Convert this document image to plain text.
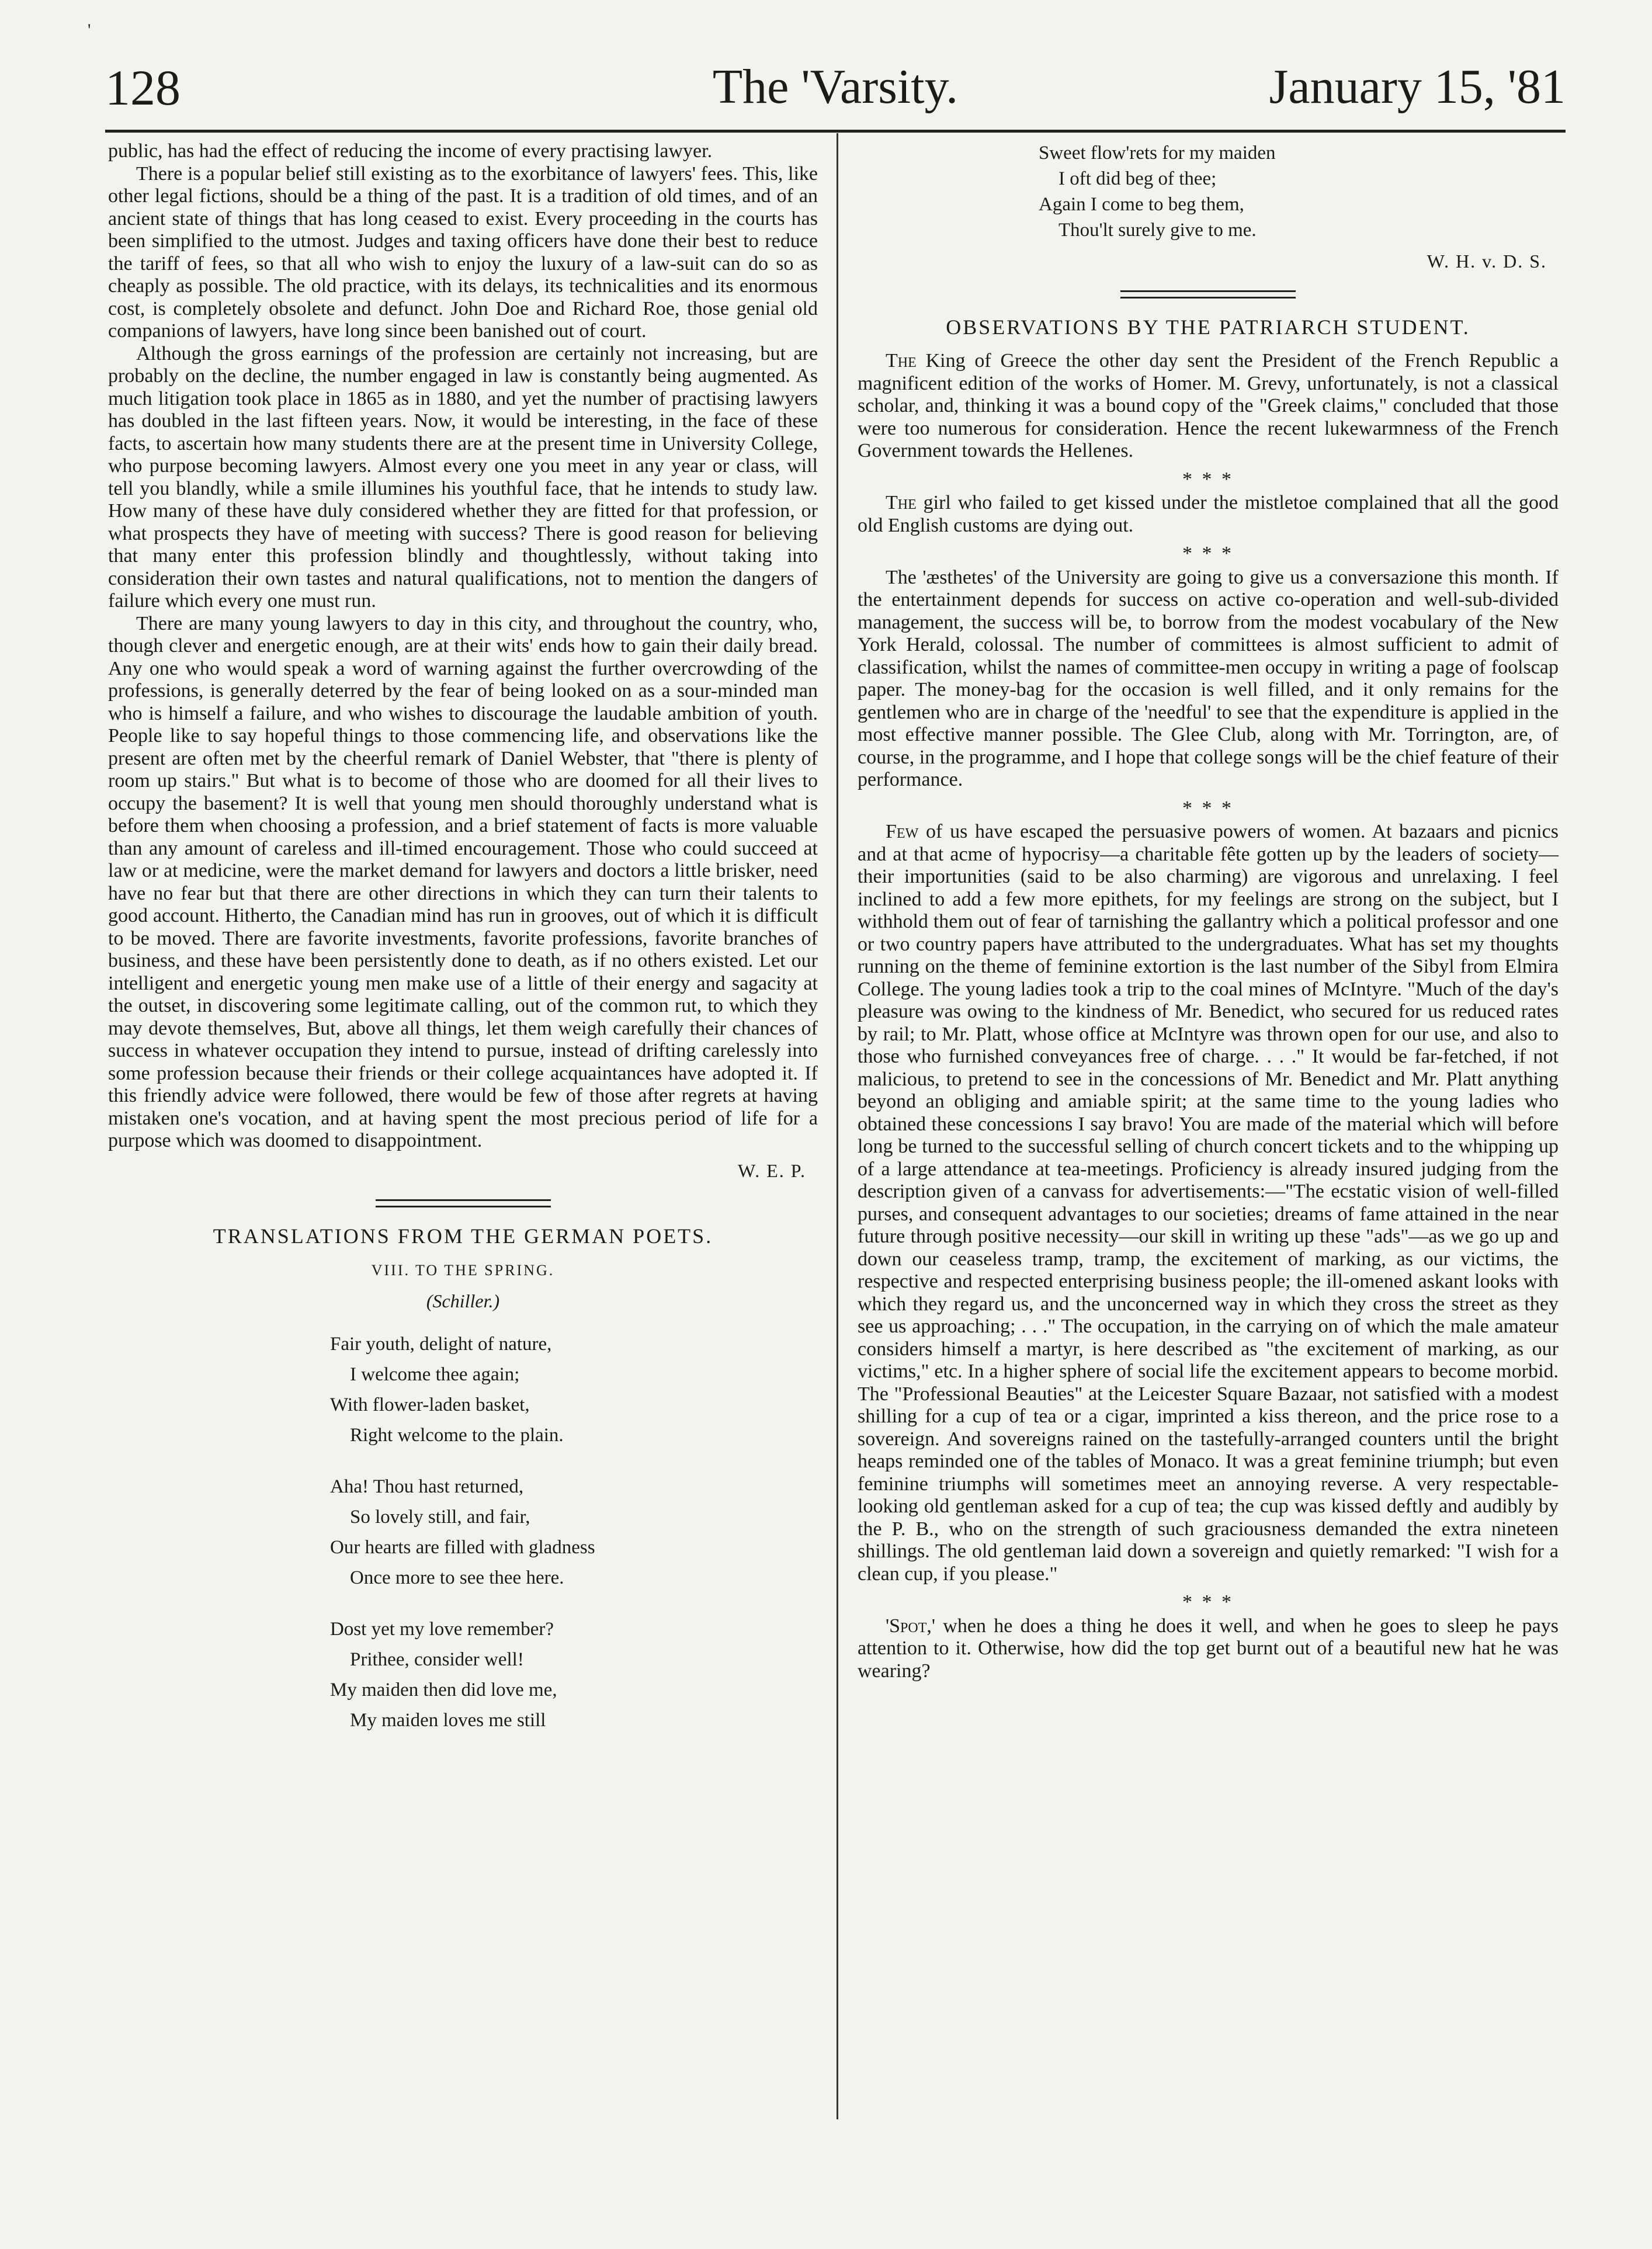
'
128	The 'Varsity.	January 15, '81

public, has had the effect of reducing the income of every practising lawyer.

There is a popular belief still existing as to the exorbitance of lawyers' fees. This, like other legal fictions, should be a thing of the past. It is a tradition of old times, and of an ancient state of things that has long ceased to exist. Every proceeding in the courts has been simplified to the utmost. Judges and taxing officers have done their best to reduce the tariff of fees, so that all who wish to enjoy the luxury of a law-suit can do so as cheaply as possible. The old practice, with its delays, its technicalities and its enormous cost, is completely obsolete and defunct. John Doe and Richard Roe, those genial old companions of lawyers, have long since been banished out of court.

Although the gross earnings of the profession are certainly not increasing, but are probably on the decline, the number engaged in law is constantly being augmented. As much litigation took place in 1865 as in 1880, and yet the number of practising lawyers has doubled in the last fifteen years. Now, it would be interesting, in the face of these facts, to ascertain how many students there are at the present time in University College, who purpose becoming lawyers. Almost every one you meet in any year or class, will tell you blandly, while a smile illumines his youthful face, that he intends to study law. How many of these have duly considered whether they are fitted for that profession, or what prospects they have of meeting with success? There is good reason for believing that many enter this profession blindly and thoughtlessly, without taking into consideration their own tastes and natural qualifications, not to mention the dangers of failure which every one must run.

There are many young lawyers to day in this city, and throughout the country, who, though clever and energetic enough, are at their wits' ends how to gain their daily bread. Any one who would speak a word of warning against the further overcrowding of the professions, is generally deterred by the fear of being looked on as a sour-minded man who is himself a failure, and who wishes to discourage the laudable ambition of youth. People like to say hopeful things to those commencing life, and observations like the present are often met by the cheerful remark of Daniel Webster, that "there is plenty of room up stairs." But what is to become of those who are doomed for all their lives to occupy the basement? It is well that young men should thoroughly understand what is before them when choosing a profession, and a brief statement of facts is more valuable than any amount of careless and ill-timed encouragement. Those who could succeed at law or at medicine, were the market demand for lawyers and doctors a little brisker, need have no fear but that there are other directions in which they can turn their talents to good account. Hitherto, the Canadian mind has run in grooves, out of which it is difficult to be moved. There are favorite investments, favorite professions, favorite branches of business, and these have been persistently done to death, as if no others existed. Let our intelligent and energetic young men make use of a little of their energy and sagacity at the outset, in discovering some legitimate calling, out of the common rut, to which they may devote themselves, But, above all things, let them weigh carefully their chances of success in whatever occupation they intend to pursue, instead of drifting carelessly into some profession because their friends or their college acquaintances have adopted it. If this friendly advice were followed, there would be few of those after regrets at having mistaken one's vocation, and at having spent the most precious period of life for a purpose which was doomed to disappointment.

W. E. P.
TRANSLATIONS FROM THE GERMAN POETS.
VIII. TO THE SPRING.
(Schiller.)
Fair youth, delight of nature,
I welcome thee again;
With flower-laden basket,
Right welcome to the plain.
Aha! Thou hast returned,
So lovely still, and fair,
Our hearts are filled with gladness
Once more to see thee here.
Dost yet my love remember?
Prithee, consider well!
My maiden then did love me,
My maiden loves me still
Sweet flow'rets for my maiden
I oft did beg of thee;
Again I come to beg them,
Thou'lt surely give to me.
W. H. v. D. S.
OBSERVATIONS BY THE PATRIARCH STUDENT.

The King of Greece the other day sent the President of the French Republic a magnificent edition of the works of Homer. M. Grevy, unfortunately, is not a classical scholar, and, thinking it was a bound copy of the "Greek claims," concluded that those were too numerous for consideration. Hence the recent lukewarmness of the French Government towards the Hellenes.

* * *

The girl who failed to get kissed under the mistletoe complained that all the good old English customs are dying out.

* * *

The 'æsthetes' of the University are going to give us a conversazione this month. If the entertainment depends for success on active co-operation and well-sub-divided management, the success will be, to borrow from the modest vocabulary of the New York Herald, colossal. The number of committees is almost sufficient to admit of classification, whilst the names of committee-men occupy in writing a page of foolscap paper. The money-bag for the occasion is well filled, and it only remains for the gentlemen who are in charge of the 'needful' to see that the expenditure is applied in the most effective manner possible. The Glee Club, along with Mr. Torrington, are, of course, in the programme, and I hope that college songs will be the chief feature of their performance.

* * *

Few of us have escaped the persuasive powers of women. At bazaars and picnics and at that acme of hypocrisy—a charitable fête gotten up by the leaders of society—their importunities (said to be also charming) are vigorous and unrelaxing. I feel inclined to add a few more epithets, for my feelings are strong on the subject, but I withhold them out of fear of tarnishing the gallantry which a political professor and one or two country papers have attributed to the undergraduates. What has set my thoughts running on the theme of feminine extortion is the last number of the Sibyl from Elmira College. The young ladies took a trip to the coal mines of McIntyre. "Much of the day's pleasure was owing to the kindness of Mr. Benedict, who secured for us reduced rates by rail; to Mr. Platt, whose office at McIntyre was thrown open for our use, and also to those who furnished conveyances free of charge. . . ." It would be far-fetched, if not malicious, to pretend to see in the concessions of Mr. Benedict and Mr. Platt anything beyond an obliging and amiable spirit; at the same time to the young ladies who obtained these concessions I say bravo! You are made of the material which will before long be turned to the successful selling of church concert tickets and to the whipping up of a large attendance at tea-meetings. Proficiency is already insured judging from the description given of a canvass for advertisements:—"The ecstatic vision of well-filled purses, and consequent advantages to our societies; dreams of fame attained in the near future through positive necessity—our skill in writing up these "ads"—as we go up and down our ceaseless tramp, tramp, the excitement of marking, as our victims, the respective and respected enterprising business people; the ill-omened askant looks with which they regard us, and the unconcerned way in which they cross the street as they see us approaching; . . ." The occupation, in the carrying on of which the male amateur considers himself a martyr, is here described as "the excitement of marking, as our victims," etc. In a higher sphere of social life the excitement appears to become morbid. The "Professional Beauties" at the Leicester Square Bazaar, not satisfied with a modest shilling for a cup of tea or a cigar, imprinted a kiss thereon, and the price rose to a sovereign. And sovereigns rained on the tastefully-arranged counters until the bright heaps reminded one of the tables of Monaco. It was a great feminine triumph; but even feminine triumphs will sometimes meet an annoying reverse. A very respectable-looking old gentleman asked for a cup of tea; the cup was kissed deftly and audibly by the P. B., who on the strength of such graciousness demanded the extra nineteen shillings. The old gentleman laid down a sovereign and quietly remarked: "I wish for a clean cup, if you please."

* * *

'Spot,' when he does a thing he does it well, and when he goes to sleep he pays attention to it. Otherwise, how did the top get burnt out of a beautiful new hat he was wearing?
